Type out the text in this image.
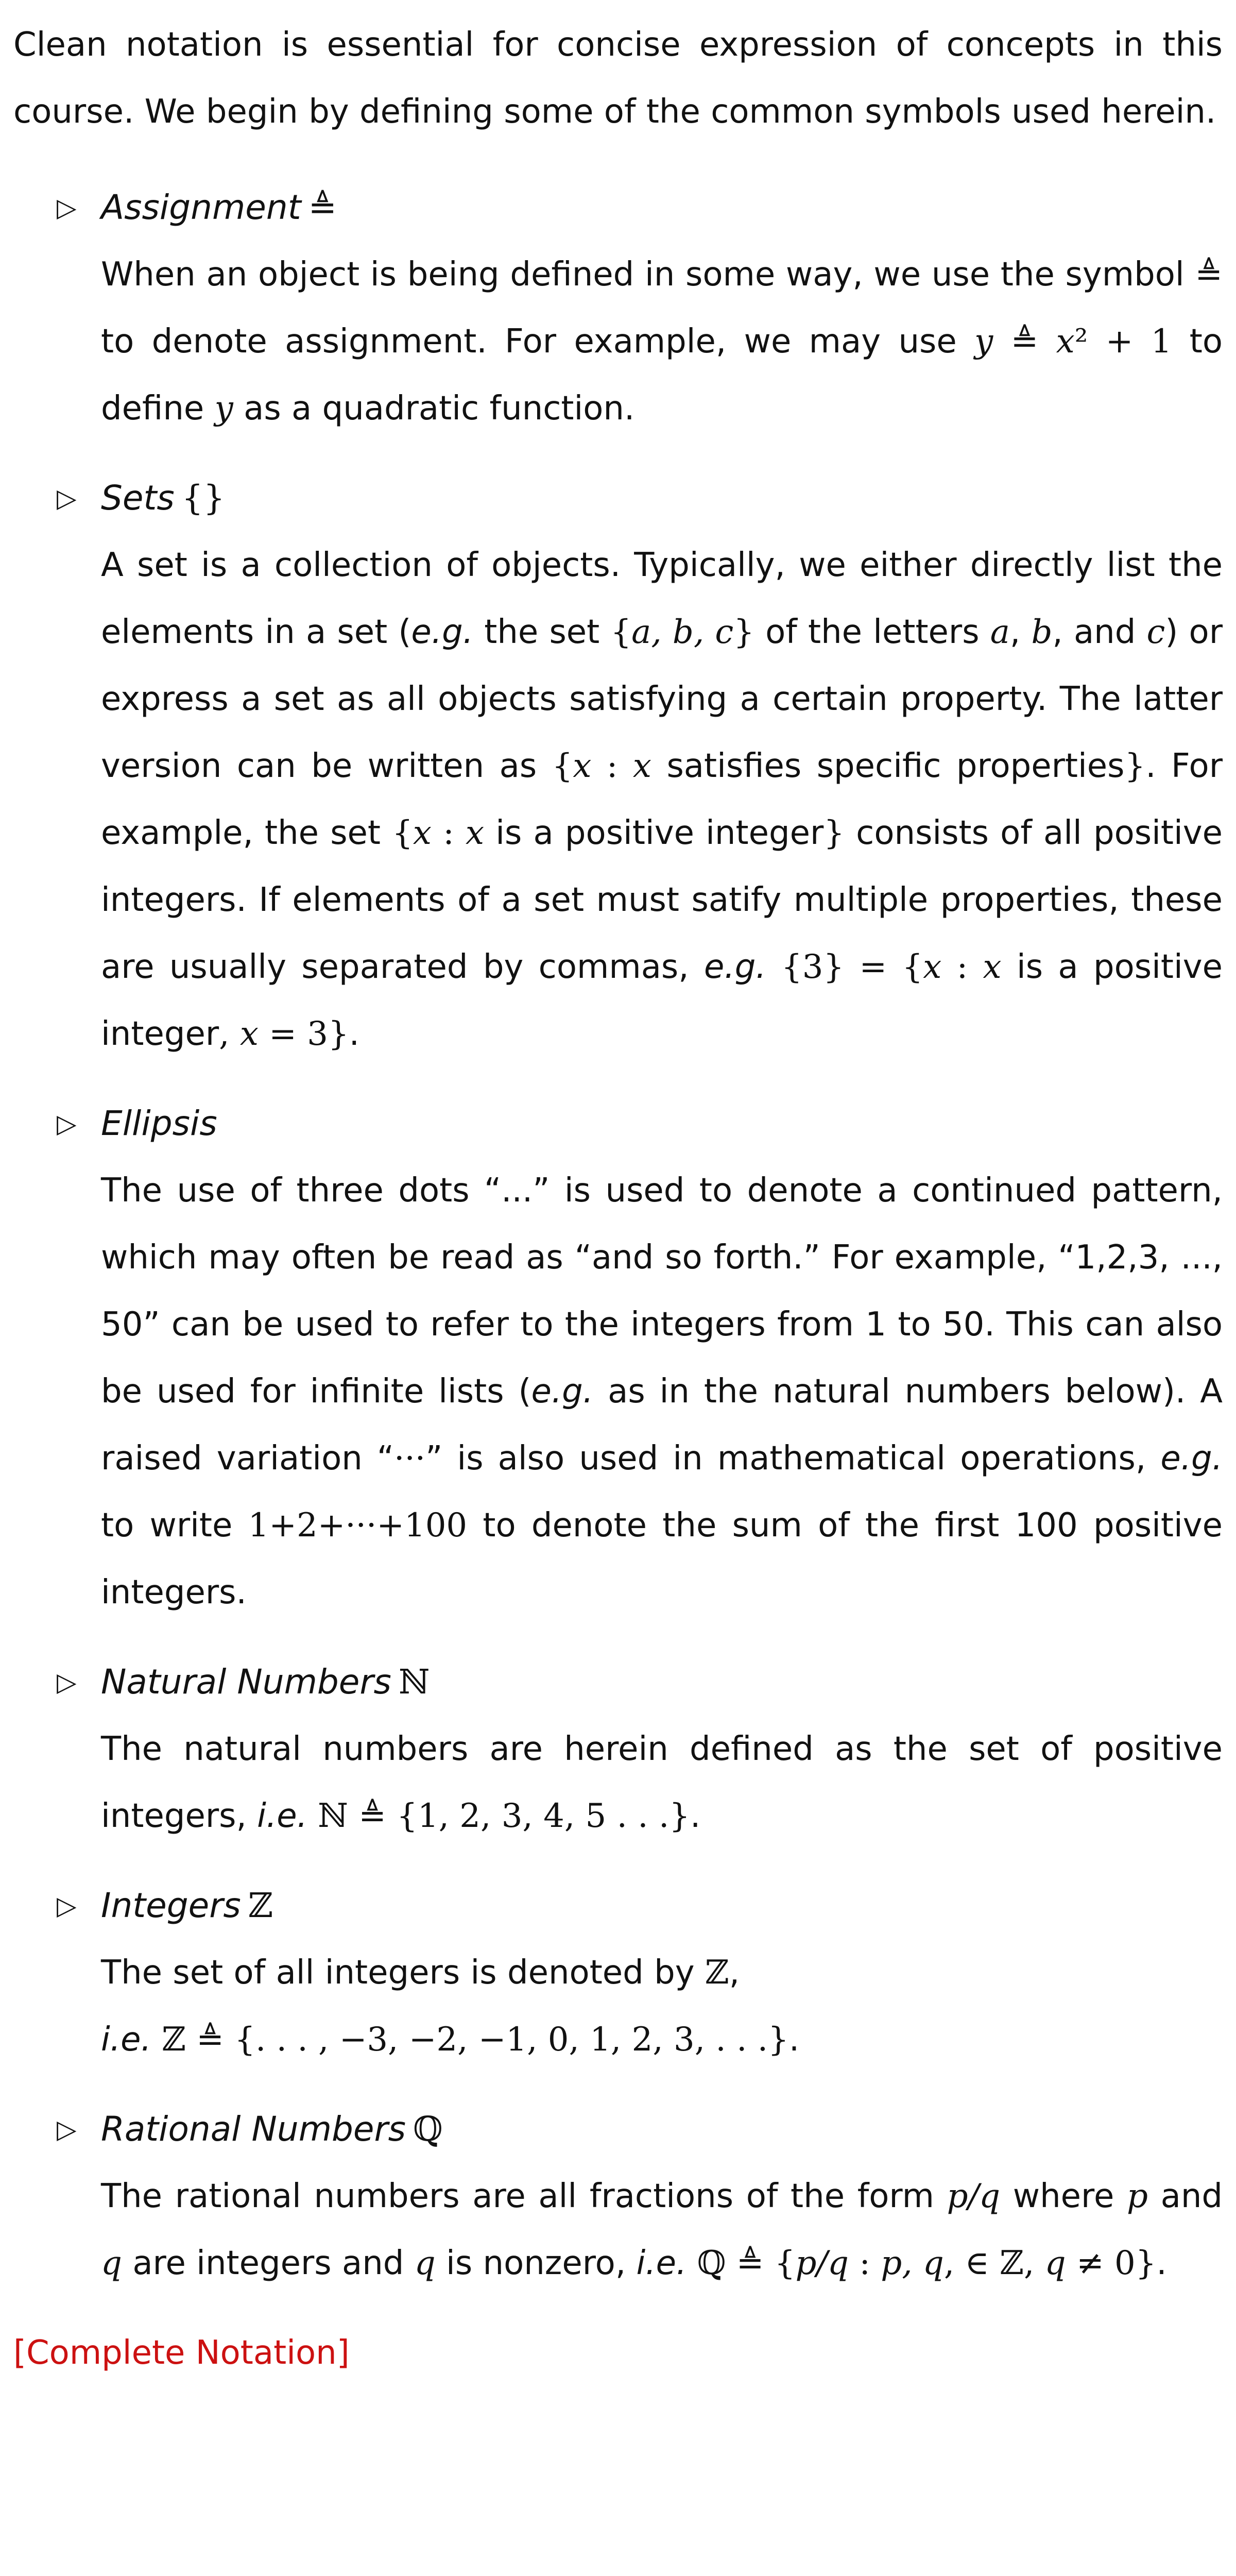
Clean notation is essential for concise expression of concepts in this course. We begin by defining some of the common symbols used herein.

▷ Assignment ≜

When an object is being defined in some way, we use the symbol ≜ to denote assignment. For example, we may use y ≜ x² + 1 to define y as a quadratic function.

▷ Sets {}

A set is a collection of objects. Typically, we either directly list the elements in a set (e.g. the set {a, b, c} of the letters a, b, and c) or express a set as all objects satisfying a certain property. The latter version can be written as {x : x satisfies specific properties}. For example, the set {x : x is a positive integer} consists of all positive integers. If elements of a set must satify multiple properties, these are usually separated by commas, e.g. {3} = {x : x is a positive integer, x = 3}.

▷ Ellipsis

The use of three dots “...” is used to denote a continued pattern, which may often be read as “and so forth.” For example, “1,2,3, ..., 50” can be used to refer to the integers from 1 to 50. This can also be used for infinite lists (e.g. as in the natural numbers below). A raised variation “···” is also used in mathematical operations, e.g. to write 1+2+···+100 to denote the sum of the first 100 positive integers.

▷ Natural Numbers ℕ

The natural numbers are herein defined as the set of positive integers, i.e. ℕ ≜ {1, 2, 3, 4, 5 . . .}.

▷ Integers ℤ

The set of all integers is denoted by ℤ,
i.e. ℤ ≜ {. . . , −3, −2, −1, 0, 1, 2, 3, . . .}.

▷ Rational Numbers ℚ

The rational numbers are all fractions of the form p/q where p and q are integers and q is nonzero, i.e. ℚ ≜ {p/q : p, q, ∈ ℤ, q ≠ 0}.

[Complete Notation]
